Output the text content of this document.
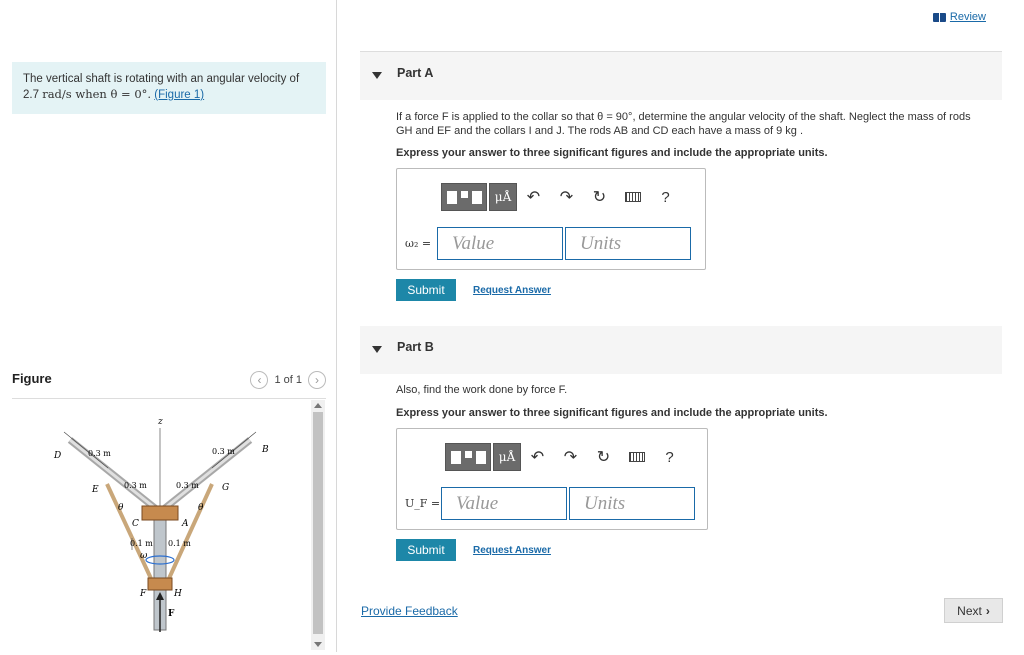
The vertical shaft is rotating with an angular velocity of 2.7 rad/s when θ = 0°. (Figure 1)
Figure	‹ 1 of 1 ›
z
D
B
E	G
C	A
F	H
θ	θ
ω
F
0.3 m	0.3 m
0.3 m	0.3 m
0.1 m 0.1 m
Review
Part A
If a force F is applied to the collar so that θ = 90°, determine the angular velocity of the shaft. Neglect the mass of rods
GH and EF and the collars I and J. The rods AB and CD each have a mass of 9 kg .
Express your answer to three significant figures and include the appropriate units.
μÅ ↶	↷	↻	?
ω₂ =
Value
Units
Submit	Request Answer
Part B
Also, find the work done by force F.
Express your answer to three significant figures and include the appropriate units.
μÅ ↶	↷	↻	?
U_F =
Value
Units
Submit	Request Answer
Provide Feedback	Next ›
